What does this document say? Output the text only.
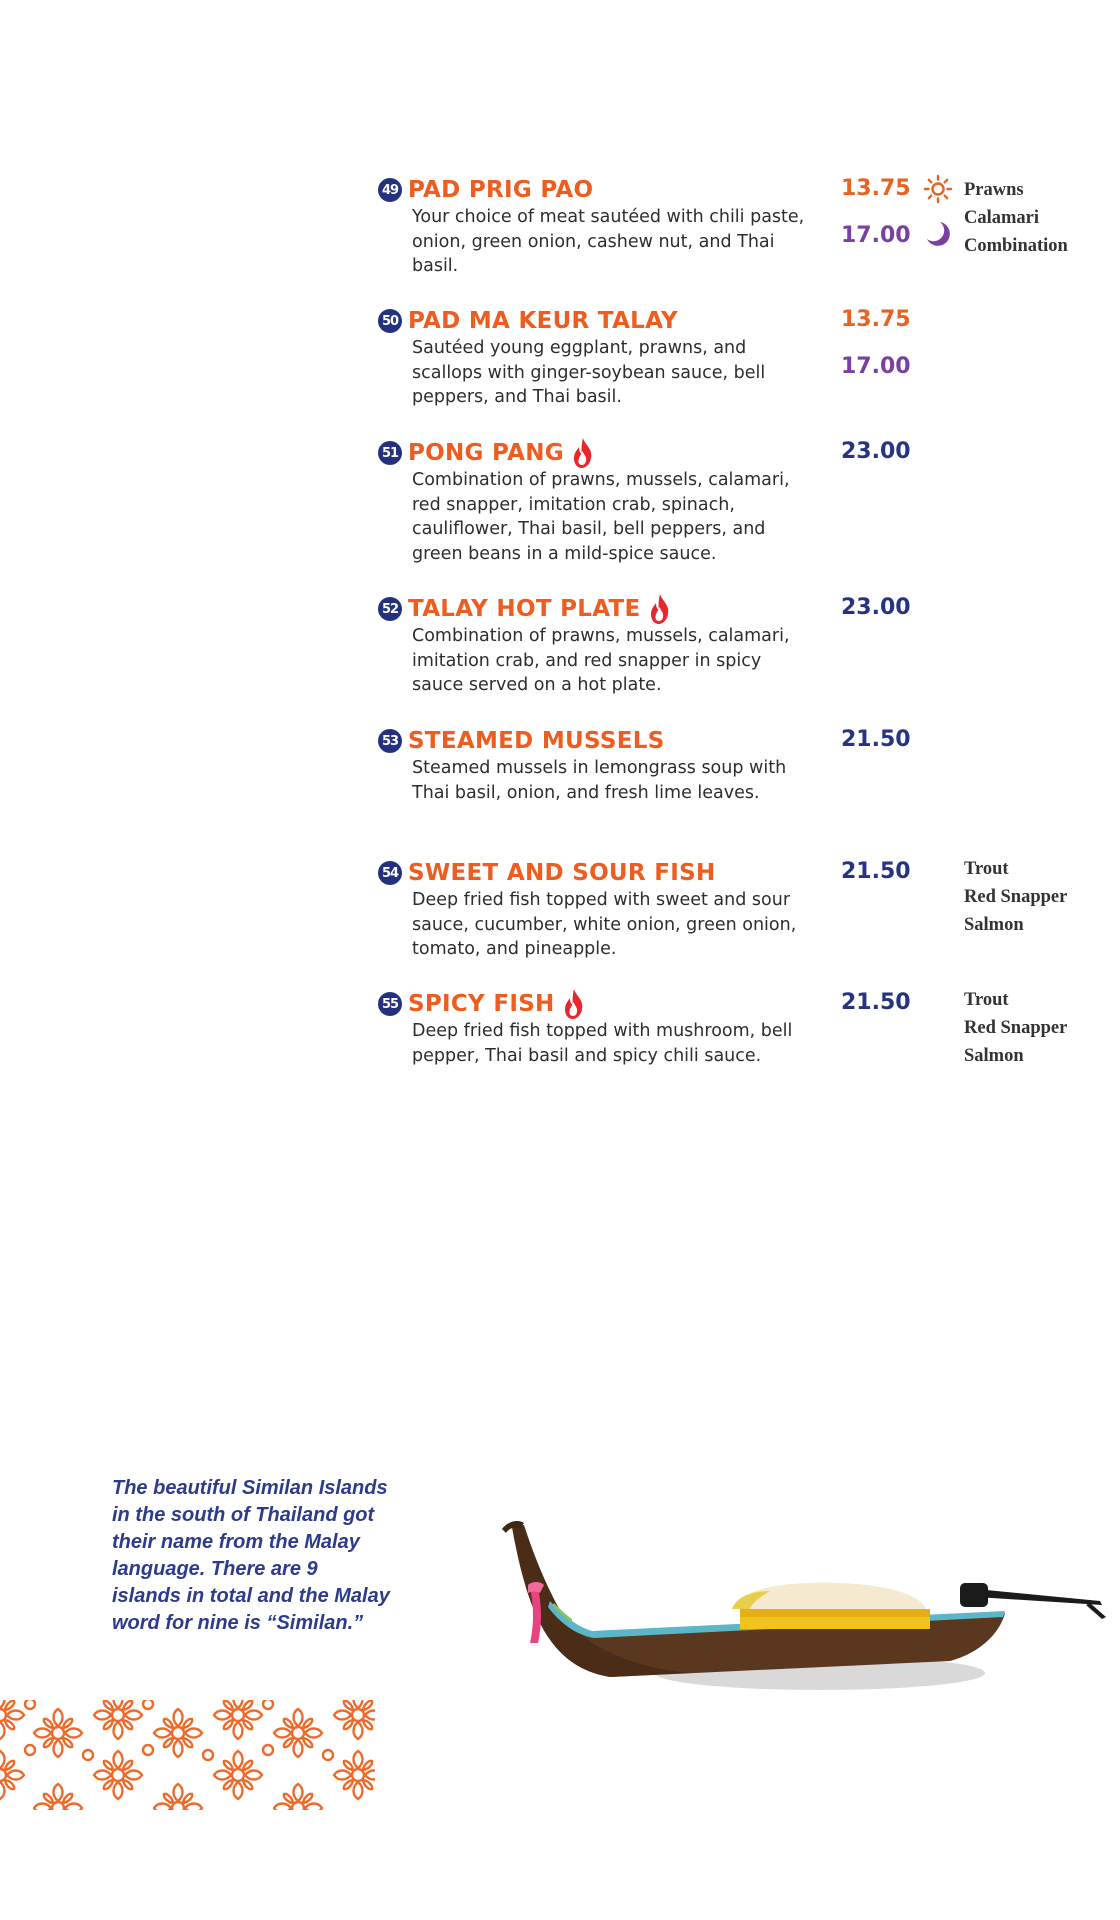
49 PAD PRIG PAO
Your choice of meat sautéed with chili paste, onion, green onion, cashew nut, and Thai basil.
13.75
17.00
Prawns
Calamari
Combination
50 PAD MA KEUR TALAY
Sautéed young eggplant, prawns, and scallops with ginger-soybean sauce, bell peppers, and Thai basil.
13.75
17.00
51 PONG PANG
Combination of prawns, mussels, calamari, red snapper, imitation crab, spinach, cauliflower, Thai basil, bell peppers, and green beans in a mild-spice sauce.
23.00
52 TALAY HOT PLATE
Combination of prawns, mussels, calamari, imitation crab, and red snapper in spicy sauce served on a hot plate.
23.00
53 STEAMED MUSSELS
Steamed mussels in lemongrass soup with Thai basil, onion, and fresh lime leaves.
21.50
54 SWEET AND SOUR FISH
Deep fried fish topped with sweet and sour sauce, cucumber, white onion, green onion, tomato, and pineapple.
21.50	Trout
Red Snapper
Salmon
55 SPICY FISH
Deep fried fish topped with mushroom, bell pepper, Thai basil and spicy chili sauce.
21.50	Trout
Red Snapper
Salmon
The beautiful Similan Islands in the south of Thailand got their name from the Malay language. There are 9 islands in total and the Malay word for nine is “Similan.”
